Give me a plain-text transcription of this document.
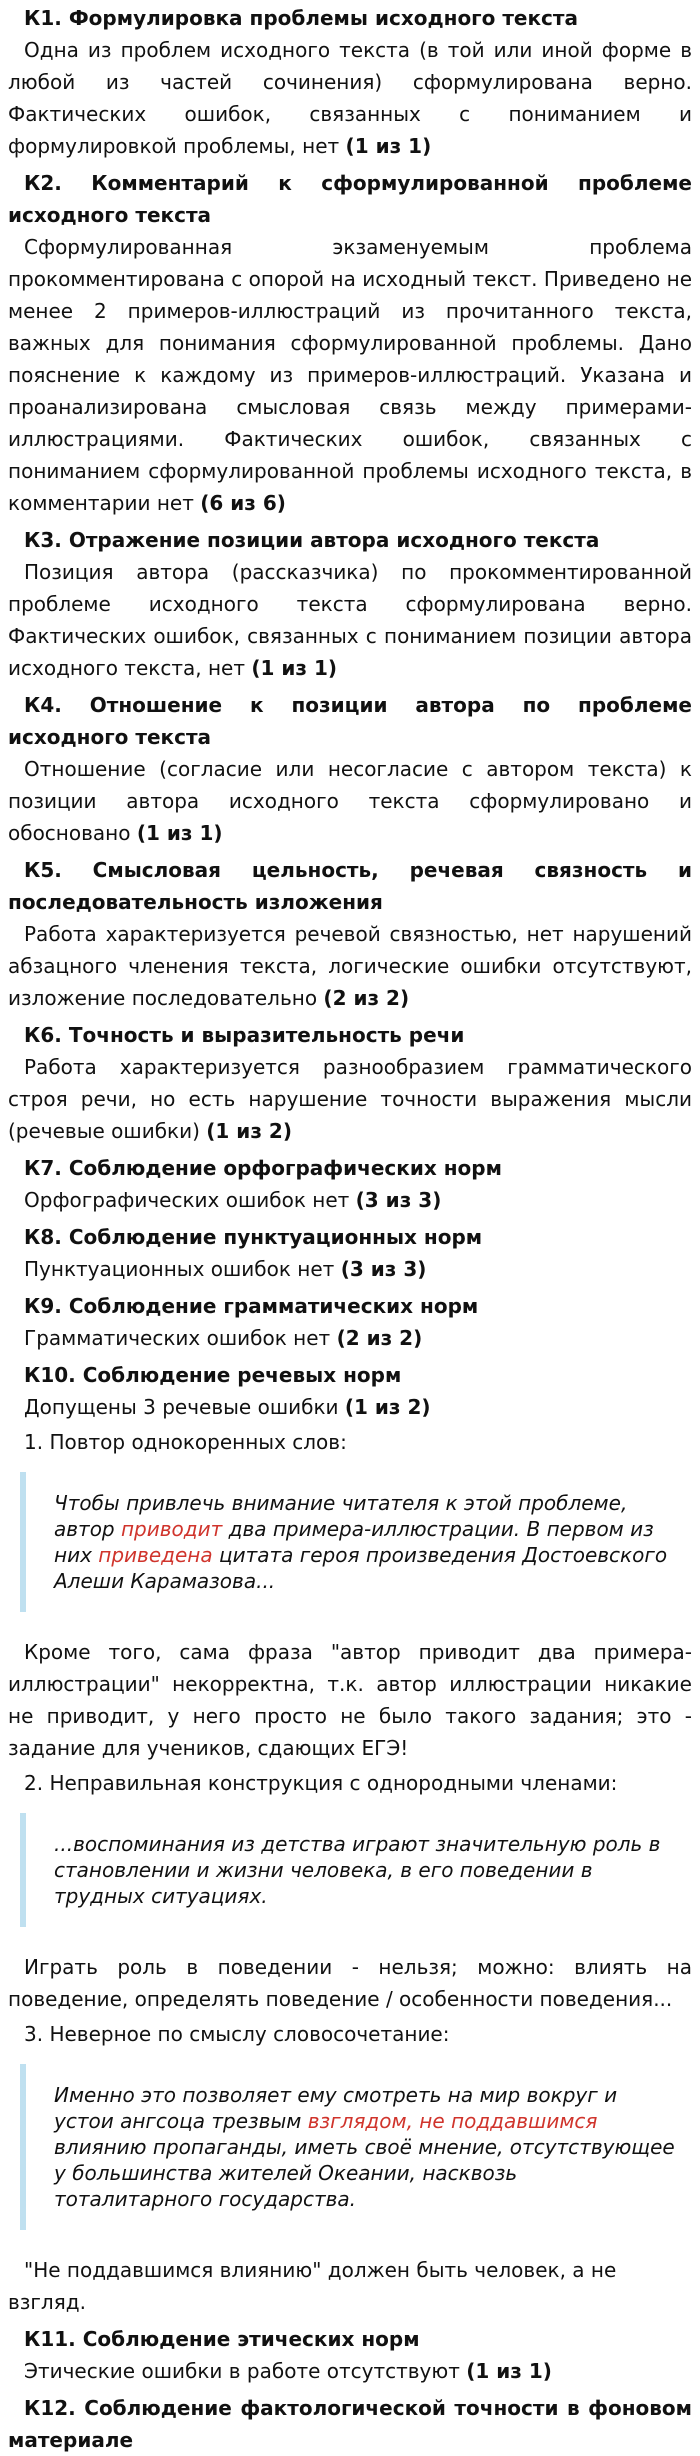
К1. Формулировка проблемы исходного текста

Одна из проблем исходного текста (в той или иной форме в любой из частей сочинения) сформулирована верно. Фактических ошибок, связанных с пониманием и формулировкой проблемы, нет (1 из 1)

К2. Комментарий к сформулированной проблеме исходного текста

Сформулированная экзаменуемым проблема прокомментирована с опорой на исходный текст. Приведено не менее 2 примеров-иллюстраций из прочитанного текста, важных для понимания сформулированной проблемы. Дано пояснение к каждому из примеров-иллюстраций. Указана и проанализирована смысловая связь между примерами-иллюстрациями. Фактических ошибок, связанных с пониманием сформулированной проблемы исходного текста, в комментарии нет (6 из 6)

К3. Отражение позиции автора исходного текста

Позиция автора (рассказчика) по прокомментированной проблеме исходного текста сформулирована верно. Фактических ошибок, связанных с пониманием позиции автора исходного текста, нет (1 из 1)

К4. Отношение к позиции автора по проблеме исходного текста

Отношение (согласие или несогласие с автором текста) к позиции автора исходного текста сформулировано и обосновано (1 из 1)

К5. Смысловая цельность, речевая связность и последовательность изложения

Работа характеризуется речевой связностью, нет нарушений абзацного членения текста, логические ошибки отсутствуют, изложение последовательно (2 из 2)

К6. Точность и выразительность речи

Работа характеризуется разнообразием грамматического строя речи, но есть нарушение точности выражения мысли (речевые ошибки) (1 из 2)

К7. Соблюдение орфографических норм

Орфографических ошибок нет (3 из 3)

К8. Соблюдение пунктуационных норм

Пунктуационных ошибок нет (3 из 3)

К9. Соблюдение грамматических норм

Грамматических ошибок нет (2 из 2)

К10. Соблюдение речевых норм

Допущены 3 речевые ошибки (1 из 2)

1. Повтор однокоренных слов:

Чтобы привлечь внимание читателя к этой проблеме, автор приводит два примера-иллюстрации. В первом из них приведена цитата героя произведения Достоевского Алеши Карамазова...

Кроме того, сама фраза "автор приводит два примера-иллюстрации" некорректна, т.к. автор иллюстрации никакие не приводит, у него просто не было такого задания; это - задание для учеников, сдающих ЕГЭ!

2. Неправильная конструкция с однородными членами:

...воспоминания из детства играют значительную роль в становлении и жизни человека, в его поведении в трудных ситуациях.

Играть роль в поведении - нельзя; можно: влиять на поведение, определять поведение / особенности поведения...

3. Неверное по смыслу словосочетание:

Именно это позволяет ему смотреть на мир вокруг и устои ангсоца трезвым взглядом, не поддавшимся влиянию пропаганды, иметь своё мнение, отсутствующее у большинства жителей Океании, насквозь тоталитарного государства.

"Не поддавшимся влиянию" должен быть человек, а не взгляд.

К11. Соблюдение этических норм

Этические ошибки в работе отсутствуют (1 из 1)

К12. Соблюдение фактологической точности в фоновом материале
